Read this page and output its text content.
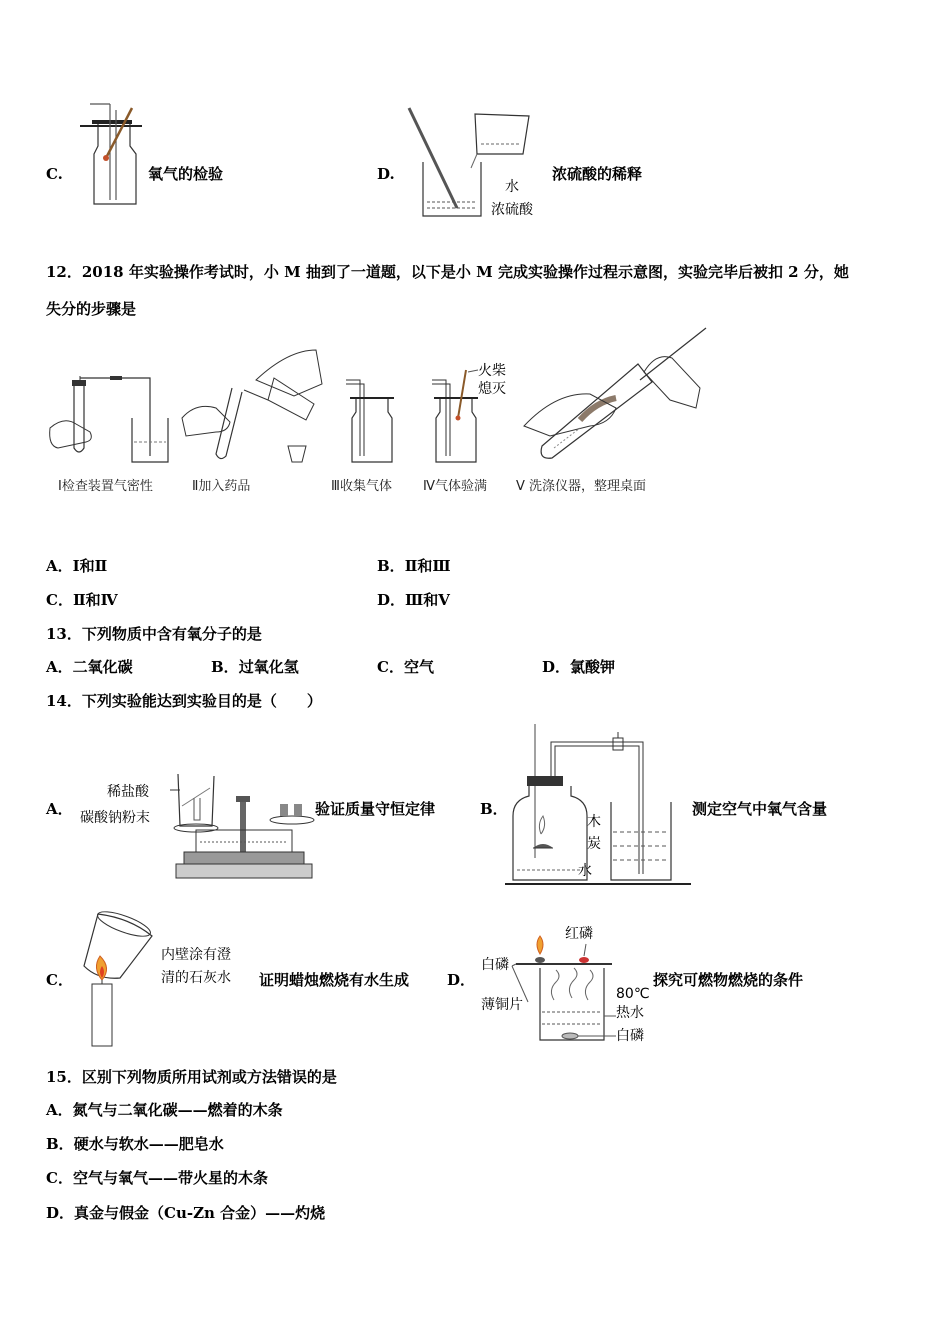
C.	氧气的检验	D.
水
浓硫酸
浓硫酸的稀释
12．2018 年实验操作考试时，小 M 抽到了一道题，以下是小 M 完成实验操作过程示意图，实验完毕后被扣 2 分，她
失分的步骤是
火柴
熄灭
Ⅰ检查装置气密性	Ⅱ加入药品	Ⅲ收集气体 Ⅳ气体验满 Ⅴ 洗涤仪器，整理桌面
A．Ⅰ和Ⅱ	B．Ⅱ和Ⅲ
C．Ⅱ和Ⅳ	D．Ⅲ和Ⅴ
13．下列物质中含有氧分子的是
A．二氧化碳	B．过氧化氢	C．空气	D．氯酸钾
14．下列实验能达到实验目的是（　　）
A．
稀盐酸
碳酸钠粉末	验证质量守恒定律	B．
木
炭
水
测定空气中氧气含量
C．
内壁涂有澄
清的石灰水 证明蜡烛燃烧有水生成	D．
红磷
白磷
薄铜片
80℃
热水
白磷
探究可燃物燃烧的条件
15．区别下列物质所用试剂或方法错误的是
A．氮气与二氧化碳——燃着的木条
B．硬水与软水——肥皂水
C．空气与氧气——带火星的木条
D．真金与假金（Cu-Zn 合金）——灼烧
